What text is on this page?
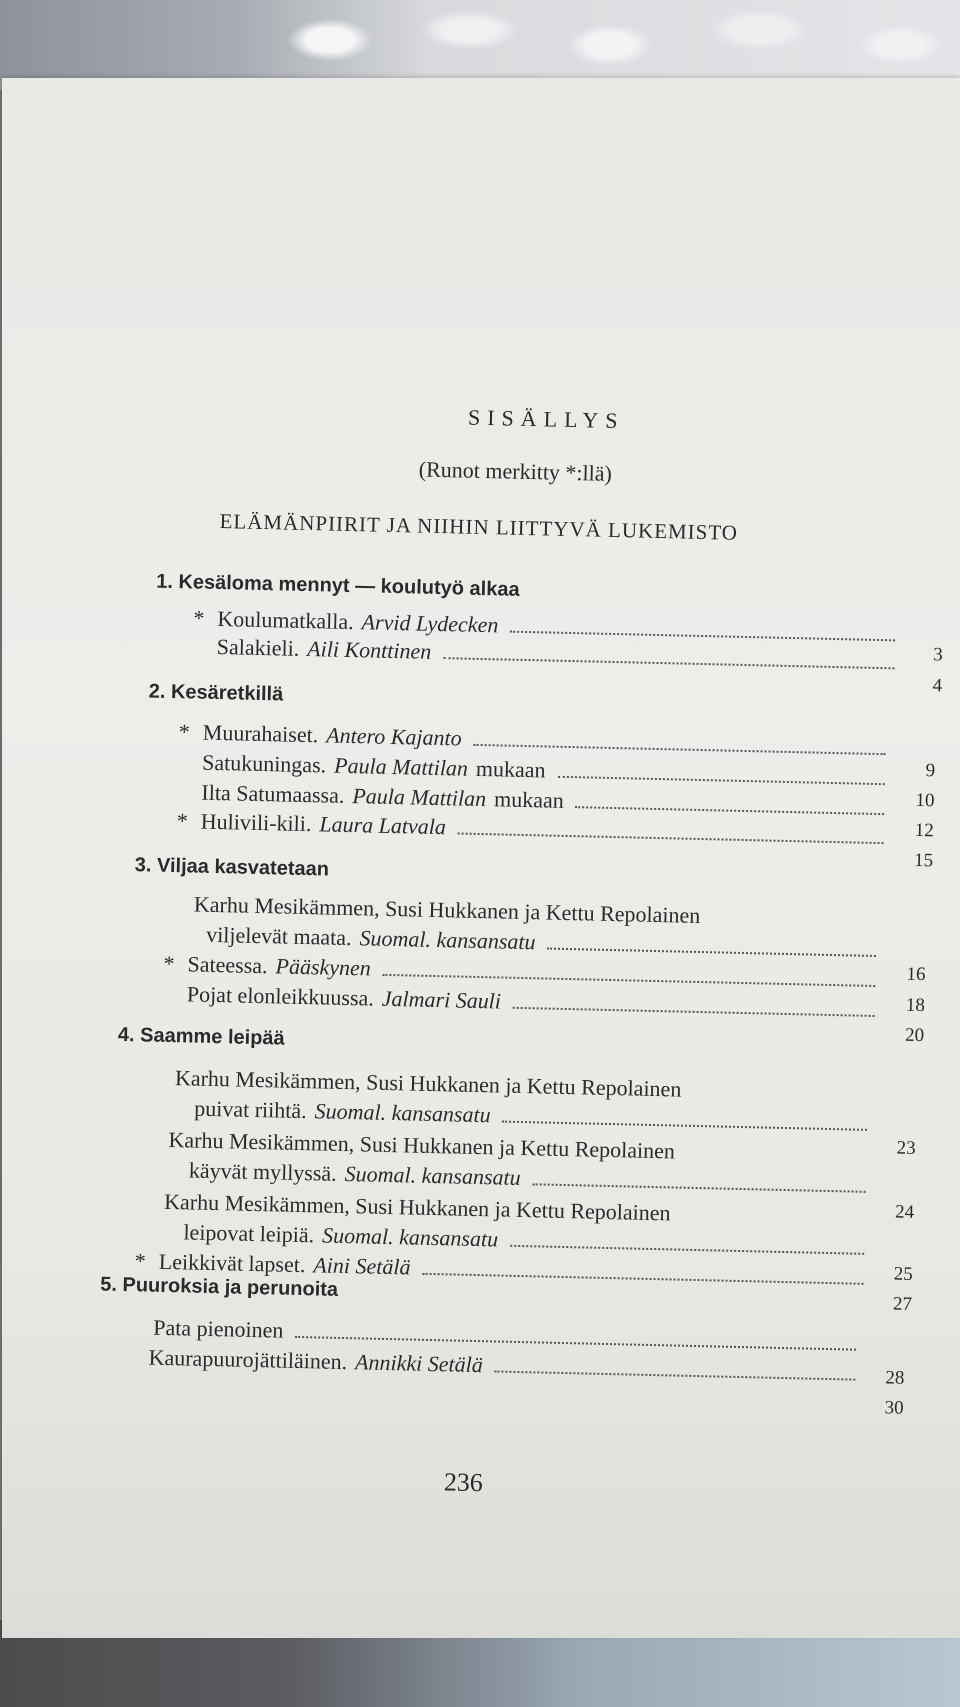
SISÄLLYS
(Runot merkitty *:llä)
ELÄMÄNPIIRIT JA NIIHIN LIITTYVÄ LUKEMISTO
1. Kesäloma mennyt — koulutyö alkaa
* Koulumatkalla. Arvid Lydecken
3
Salakieli. Aili Konttinen
4
2. Kesäretkillä
* Muurahaiset. Antero Kajanto
9
Satukuningas. Paula Mattilan mukaan
10
Ilta Satumaassa. Paula Mattilan mukaan
12
* Hulivili-kili. Laura Latvala
15
3. Viljaa kasvatetaan
Karhu Mesikämmen, Susi Hukkanen ja Kettu Repolainen
viljelevät maata. Suomal. kansansatu
16
* Sateessa. Pääskynen
18
Pojat elonleikkuussa. Jalmari Sauli
20
4. Saamme leipää
Karhu Mesikämmen, Susi Hukkanen ja Kettu Repolainen
puivat riihtä. Suomal. kansansatu
23
Karhu Mesikämmen, Susi Hukkanen ja Kettu Repolainen
käyvät myllyssä. Suomal. kansansatu
24
Karhu Mesikämmen, Susi Hukkanen ja Kettu Repolainen
leipovat leipiä. Suomal. kansansatu
25
* Leikkivät lapset. Aini Setälä
27
5. Puuroksia ja perunoita
Pata pienoinen
28
Kaurapuurojättiläinen. Annikki Setälä
30
236
